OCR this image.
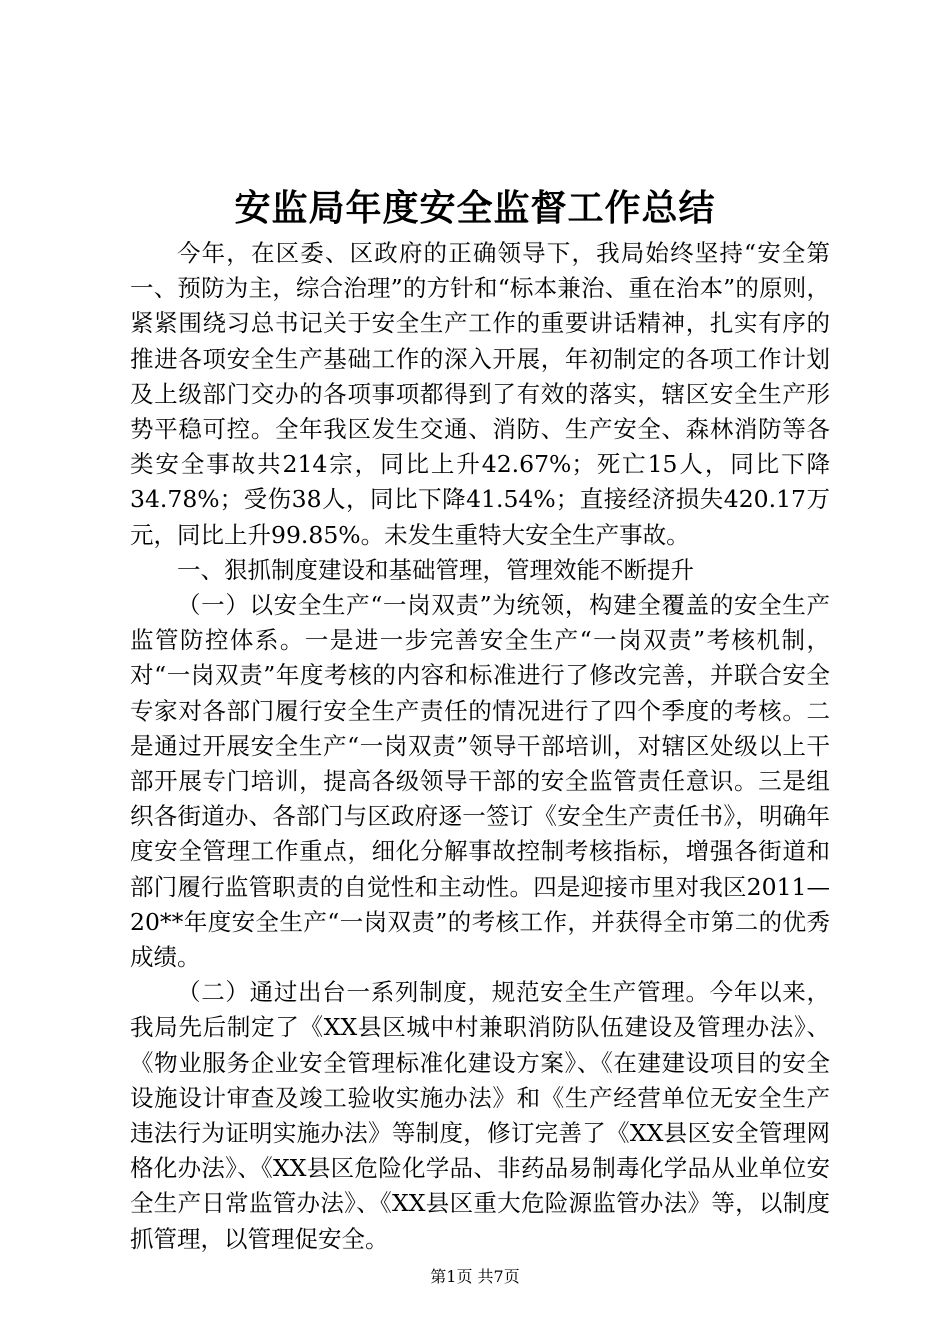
安监局年度安全监督工作总结

今年，在区委、区政府的正确领导下，我局始终坚持“安全第一、预防为主，综合治理”的方针和“标本兼治、重在治本”的原则，紧紧围绕习总书记关于安全生产工作的重要讲话精神，扎实有序的推进各项安全生产基础工作的深入开展，年初制定的各项工作计划及上级部门交办的各项事项都得到了有效的落实，辖区安全生产形势平稳可控。全年我区发生交通、消防、生产安全、森林消防等各类安全事故共214宗，同比上升42.67%；死亡15人，同比下降34.78%；受伤38人，同比下降41.54%；直接经济损失420.17万元，同比上升99.85%。未发生重特大安全生产事故。

一、狠抓制度建设和基础管理，管理效能不断提升

（一）以安全生产“一岗双责”为统领，构建全覆盖的安全生产监管防控体系。一是进一步完善安全生产“一岗双责”考核机制，对“一岗双责”年度考核的内容和标准进行了修改完善，并联合安全专家对各部门履行安全生产责任的情况进行了四个季度的考核。二是通过开展安全生产“一岗双责”领导干部培训，对辖区处级以上干部开展专门培训，提高各级领导干部的安全监管责任意识。三是组织各街道办、各部门与区政府逐一签订《安全生产责任书》，明确年度安全管理工作重点，细化分解事故控制考核指标，增强各街道和部门履行监管职责的自觉性和主动性。四是迎接市里对我区2011—20**年度安全生产“一岗双责”的考核工作，并获得全市第二的优秀成绩。

（二）通过出台一系列制度，规范安全生产管理。今年以来，我局先后制定了《XX县区城中村兼职消防队伍建设及管理办法》、《物业服务企业安全管理标准化建设方案》、《在建建设项目的安全设施设计审查及竣工验收实施办法》和《生产经营单位无安全生产违法行为证明实施办法》等制度，修订完善了《XX县区安全管理网格化办法》、《XX县区危险化学品、非药品易制毒化学品从业单位安全生产日常监管办法》、《XX县区重大危险源监管办法》等，以制度抓管理，以管理促安全。

第1页 共7页
